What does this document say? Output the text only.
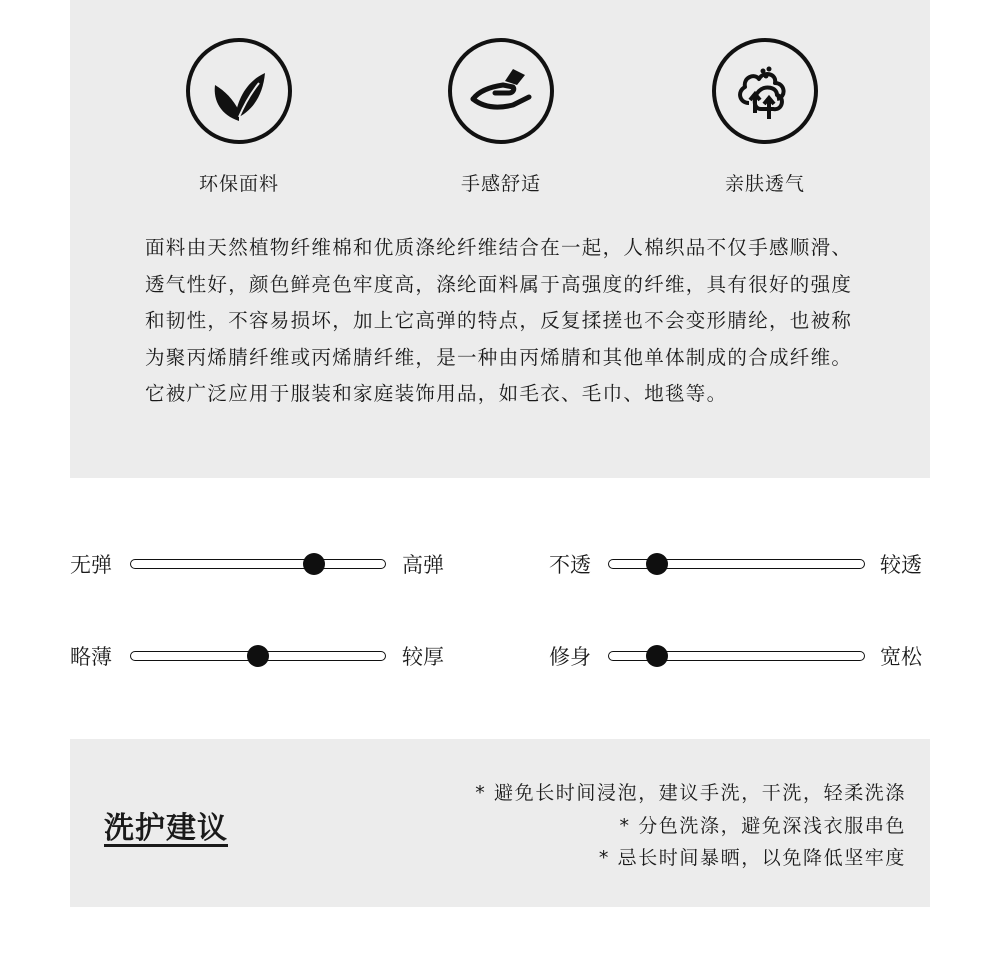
环保面料	手感舒适	亲肤透气
面料由天然植物纤维棉和优质涤纶纤维结合在一起，人棉织品不仅手感顺滑、透气性好，颜色鲜亮色牢度高，涤纶面料属于高强度的纤维，具有很好的强度和韧性，不容易损坏，加上它高弹的特点，反复揉搓也不会变形腈纶，也被称为聚丙烯腈纤维或丙烯腈纤维，是一种由丙烯腈和其他单体制成的合成纤维。它被广泛应用于服装和家庭装饰用品，如毛衣、毛巾、地毯等。
无弹	高弹	不透	较透
略薄	较厚	修身	宽松
洗护建议
* 避免长时间浸泡，建议手洗，干洗，轻柔洗涤
* 分色洗涤，避免深浅衣服串色
* 忌长时间暴晒，以免降低坚牢度
